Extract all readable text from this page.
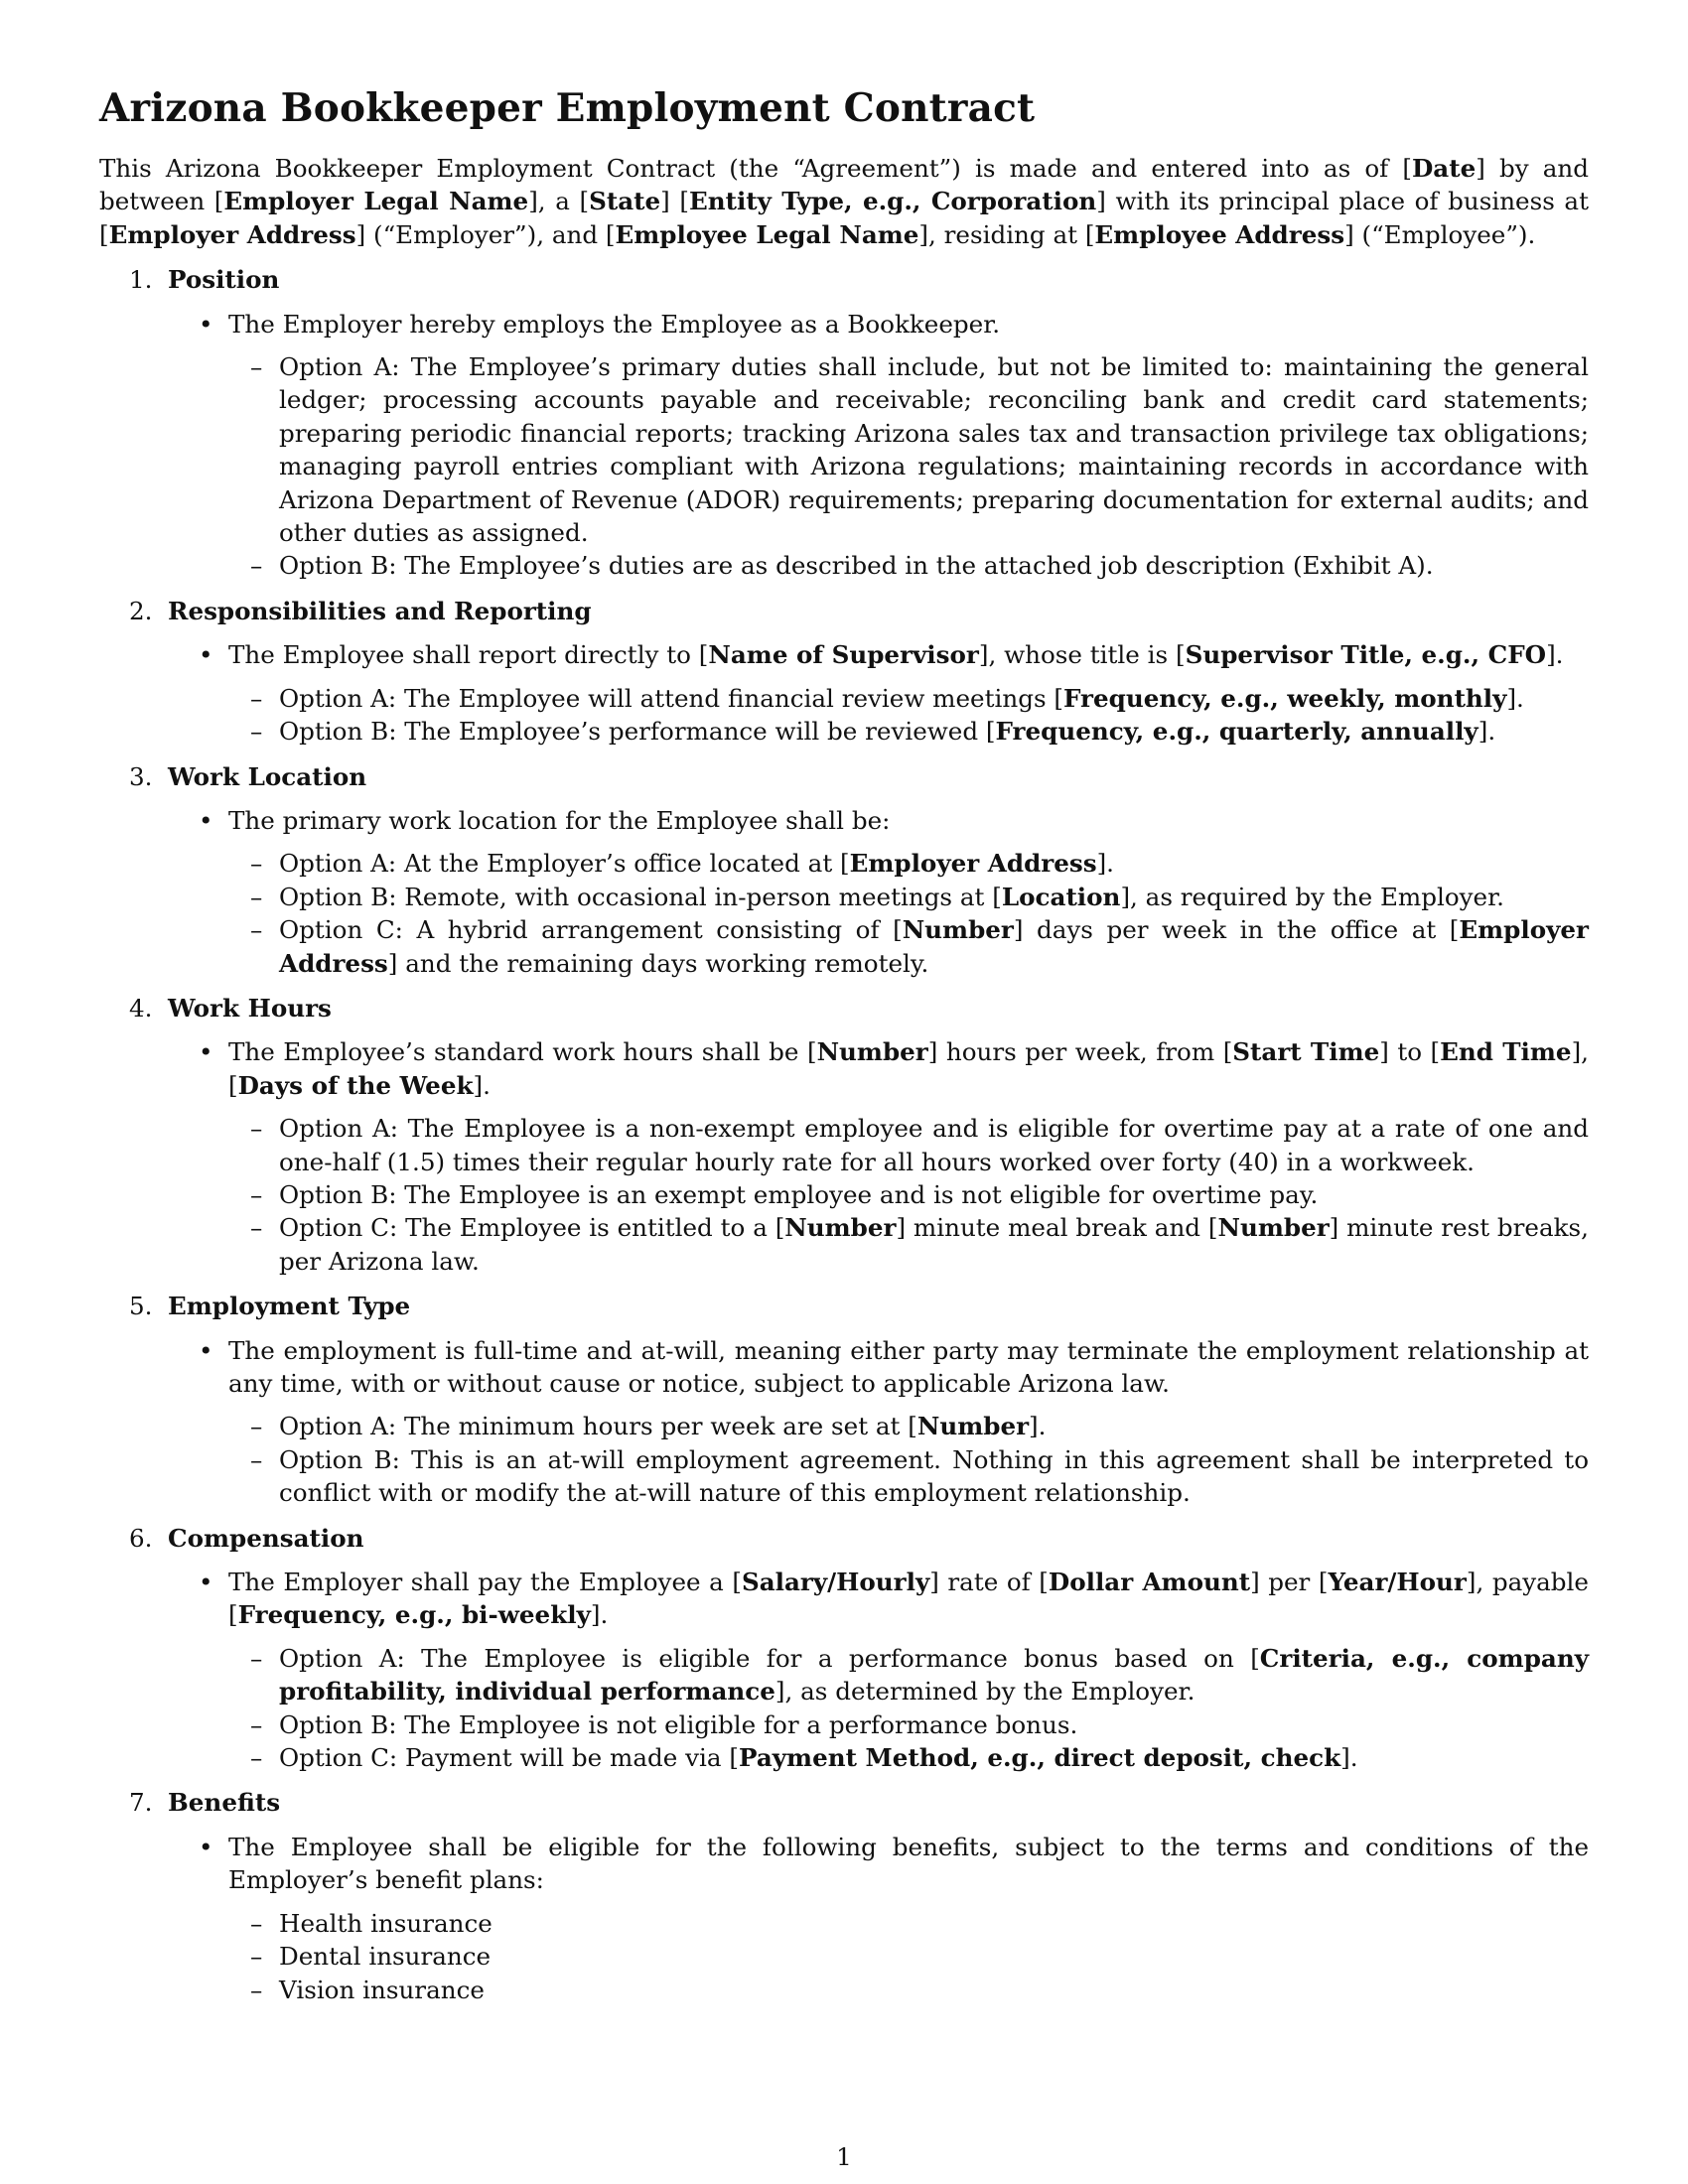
Arizona Bookkeeper Employment Contract

This Arizona Bookkeeper Employment Contract (the “Agreement”) is made and entered into as of [Date] by and between [Employer Legal Name], a [State] [Entity Type, e.g., Corporation] with its principal place of business at [Employer Address] (“Employer”), and [Employee Legal Name], residing at [Employee Address] (“Employee”).

1. Position
• The Employer hereby employs the Employee as a Bookkeeper.
– Option A: The Employee’s primary duties shall include, but not be limited to: maintaining the general ledger; processing accounts payable and receivable; reconciling bank and credit card statements; preparing periodic financial reports; tracking Arizona sales tax and transaction privilege tax obligations; managing payroll entries compliant with Arizona regulations; maintaining records in accordance with Arizona Department of Revenue (ADOR) requirements; preparing documentation for external audits; and other duties as assigned.
– Option B: The Employee’s duties are as described in the attached job description (Exhibit A).
2. Responsibilities and Reporting
• The Employee shall report directly to [Name of Supervisor], whose title is [Supervisor Title, e.g., CFO].
– Option A: The Employee will attend financial review meetings [Frequency, e.g., weekly, monthly].
– Option B: The Employee’s performance will be reviewed [Frequency, e.g., quarterly, annually].
3. Work Location
• The primary work location for the Employee shall be:
– Option A: At the Employer’s office located at [Employer Address].
– Option B: Remote, with occasional in-person meetings at [Location], as required by the Employer.
– Option C: A hybrid arrangement consisting of [Number] days per week in the office at [Employer Address] and the remaining days working remotely.
4. Work Hours
• The Employee’s standard work hours shall be [Number] hours per week, from [Start Time] to [End Time], [Days of the Week].
– Option A: The Employee is a non-exempt employee and is eligible for overtime pay at a rate of one and one-half (1.5) times their regular hourly rate for all hours worked over forty (40) in a workweek.
– Option B: The Employee is an exempt employee and is not eligible for overtime pay.
– Option C: The Employee is entitled to a [Number] minute meal break and [Number] minute rest breaks, per Arizona law.
5. Employment Type
• The employment is full-time and at-will, meaning either party may terminate the employment relationship at any time, with or without cause or notice, subject to applicable Arizona law.
– Option A: The minimum hours per week are set at [Number].
– Option B: This is an at-will employment agreement. Nothing in this agreement shall be interpreted to conflict with or modify the at-will nature of this employment relationship.
6. Compensation
• The Employer shall pay the Employee a [Salary/Hourly] rate of [Dollar Amount] per [Year/Hour], payable [Frequency, e.g., bi-weekly].
– Option A: The Employee is eligible for a performance bonus based on [Criteria, e.g., company profitability, individual performance], as determined by the Employer.
– Option B: The Employee is not eligible for a performance bonus.
– Option C: Payment will be made via [Payment Method, e.g., direct deposit, check].
7. Benefits
• The Employee shall be eligible for the following benefits, subject to the terms and conditions of the Employer’s benefit plans:
– Health insurance
– Dental insurance
– Vision insurance
1
